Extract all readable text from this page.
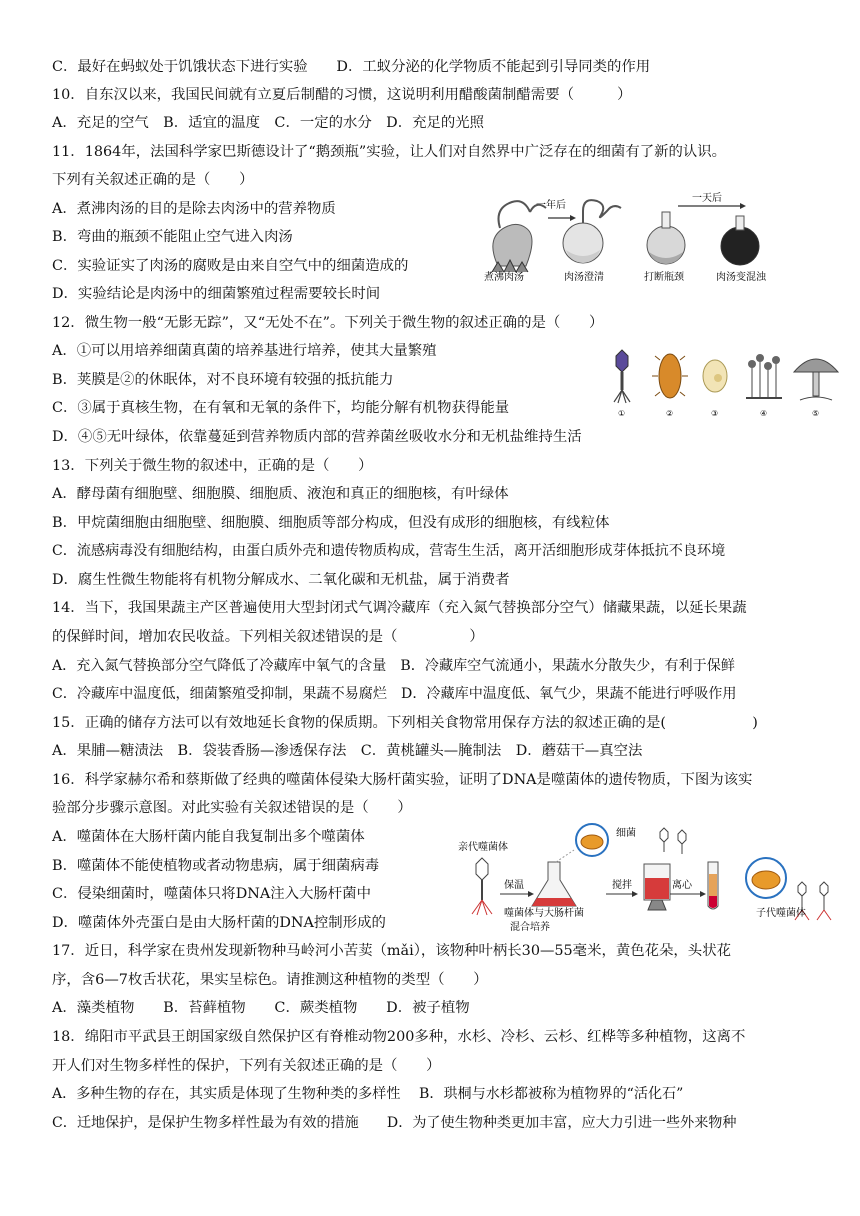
C．最好在蚂蚁处于饥饿状态下进行实验　　D．工蚁分泌的化学物质不能起到引导同类的作用
10．自东汉以来，我国民间就有立夏后制醋的习惯，这说明利用醋酸菌制醋需要（　　　）
A．充足的空气　B．适宜的温度　C．一定的水分　D．充足的光照
11．1864年，法国科学家巴斯德设计了“鹅颈瓶”实验，让人们对自然界中广泛存在的细菌有了新的认识。
下列有关叙述正确的是（　　）
A．煮沸肉汤的目的是除去肉汤中的营养物质
B．弯曲的瓶颈不能阻止空气进入肉汤
C．实验证实了肉汤的腐败是由来自空气中的细菌造成的
D．实验结论是肉汤中的细菌繁殖过程需要较长时间
12．微生物一般“无影无踪”，又“无处不在”。下列关于微生物的叙述正确的是（　　）
A．①可以用培养细菌真菌的培养基进行培养，使其大量繁殖
B．荚膜是②的休眠体，对不良环境有较强的抵抗能力
C．③属于真核生物，在有氧和无氧的条件下，均能分解有机物获得能量
D．④⑤无叶绿体，依靠蔓延到营养物质内部的营养菌丝吸收水分和无机盐维持生活
13．下列关于微生物的叙述中，正确的是（　　）
A．酵母菌有细胞壁、细胞膜、细胞质、液泡和真正的细胞核，有叶绿体
B．甲烷菌细胞由细胞壁、细胞膜、细胞质等部分构成，但没有成形的细胞核，有线粒体
C．流感病毒没有细胞结构，由蛋白质外壳和遗传物质构成，营寄生生活，离开活细胞形成芽体抵抗不良环境
D．腐生性微生物能将有机物分解成水、二氧化碳和无机盐，属于消费者
14．当下，我国果蔬主产区普遍使用大型封闭式气调冷藏库（充入氮气替换部分空气）储藏果蔬，以延长果蔬
的保鲜时间，增加农民收益。下列相关叙述错误的是（　　　　　）
A．充入氮气替换部分空气降低了冷藏库中氧气的含量　B．冷藏库空气流通小，果蔬水分散失少，有利于保鲜
C．冷藏库中温度低，细菌繁殖受抑制，果蔬不易腐烂　D．冷藏库中温度低、氧气少，果蔬不能进行呼吸作用
15．正确的储存方法可以有效地延长食物的保质期。下列相关食物常用保存方法的叙述正确的是(　　　　　　)
A．果脯—糖渍法　B．袋装香肠—渗透保存法　C．黄桃罐头—腌制法　D．蘑菇干—真空法
16．科学家赫尔希和蔡斯做了经典的噬菌体侵染大肠杆菌实验，证明了DNA是噬菌体的遗传物质，下图为该实
验部分步骤示意图。对此实验有关叙述错误的是（　　）
A．噬菌体在大肠杆菌内能自我复制出多个噬菌体
B．噬菌体不能使植物或者动物患病，属于细菌病毒
C．侵染细菌时，噬菌体只将DNA注入大肠杆菌中
D．噬菌体外壳蛋白是由大肠杆菌的DNA控制形成的
17．近日，科学家在贵州发现新物种马岭河小苦荬（mǎi），该物种叶柄长30—55毫米，黄色花朵，头状花
序，含6—7枚舌状花，果实呈棕色。请推测这种植物的类型（　　）
A．藻类植物　　B．苔藓植物　　C．蕨类植物　　D．被子植物
18．绵阳市平武县王朗国家级自然保护区有脊椎动物200多种，水杉、冷杉、云杉、红桦等多种植物，这离不
开人们对生物多样性的保护，下列有关叙述正确的是（　　）
A．多种生物的存在，其实质是体现了生物种类的多样性　 B．珙桐与水杉都被称为植物界的“活化石”
C．迁地保护，是保护生物多样性最为有效的措施　　D．为了使生物种类更加丰富，应大力引进一些外来物种
一年后
一天后
煮沸肉汤	肉汤澄清	打断瓶颈	肉汤变混浊
①	②	③	④	⑤
亲代噬菌体
保温
细菌
搅拌	离心
噬菌体与大肠杆菌
混合培养
子代噬菌体
